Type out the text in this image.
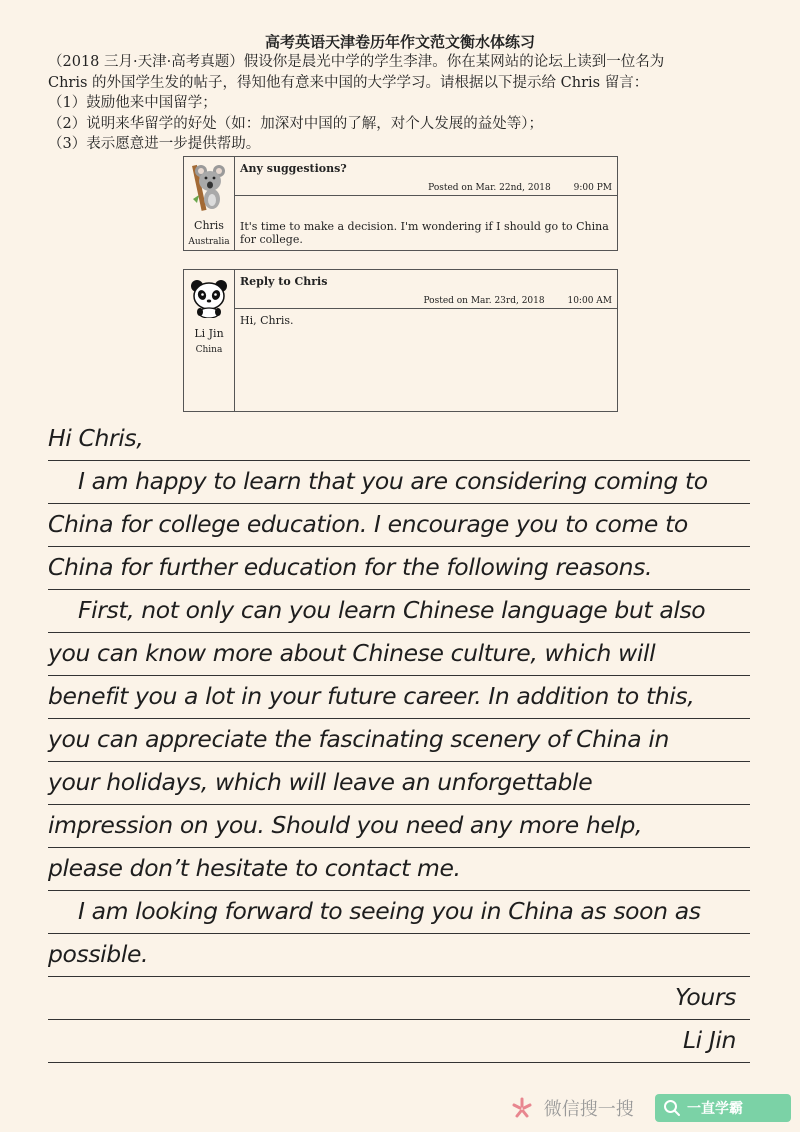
高考英语天津卷历年作文范文衡水体练习

（2018 三月·天津·高考真题）假设你是晨光中学的学生李津。你在某网站的论坛上读到一位名为

Chris 的外国学生发的帖子，得知他有意来中国的大学学习。请根据以下提示给 Chris 留言：

（1）鼓励他来中国留学；

（2）说明来华留学的好处（如：加深对中国的了解，对个人发展的益处等）；

（3）表示愿意进一步提供帮助。

Chris
Australia
Any suggestions?
Posted on Mar. 22nd, 2018        9:00 PM
It's time to make a decision. I'm wondering if I should go to China for college.
Li Jin
China
Reply to Chris
Posted on Mar. 23rd, 2018        10:00 AM
Hi, Chris.
Hi Chris,
I am happy to learn that you are considering coming to
China for college education. I encourage you to come to
China for further education for the following reasons.
First, not only can you learn Chinese language but also
you can know more about Chinese culture, which will
benefit you a lot in your future career. In addition to this,
you can appreciate the fascinating scenery of China in
your holidays, which will leave an unforgettable
impression on you. Should you need any more help,
please don’t hesitate to contact me.
I am looking forward to seeing you in China as soon as
possible.
Yours
Li Jin
微信搜一搜	一直学霸
